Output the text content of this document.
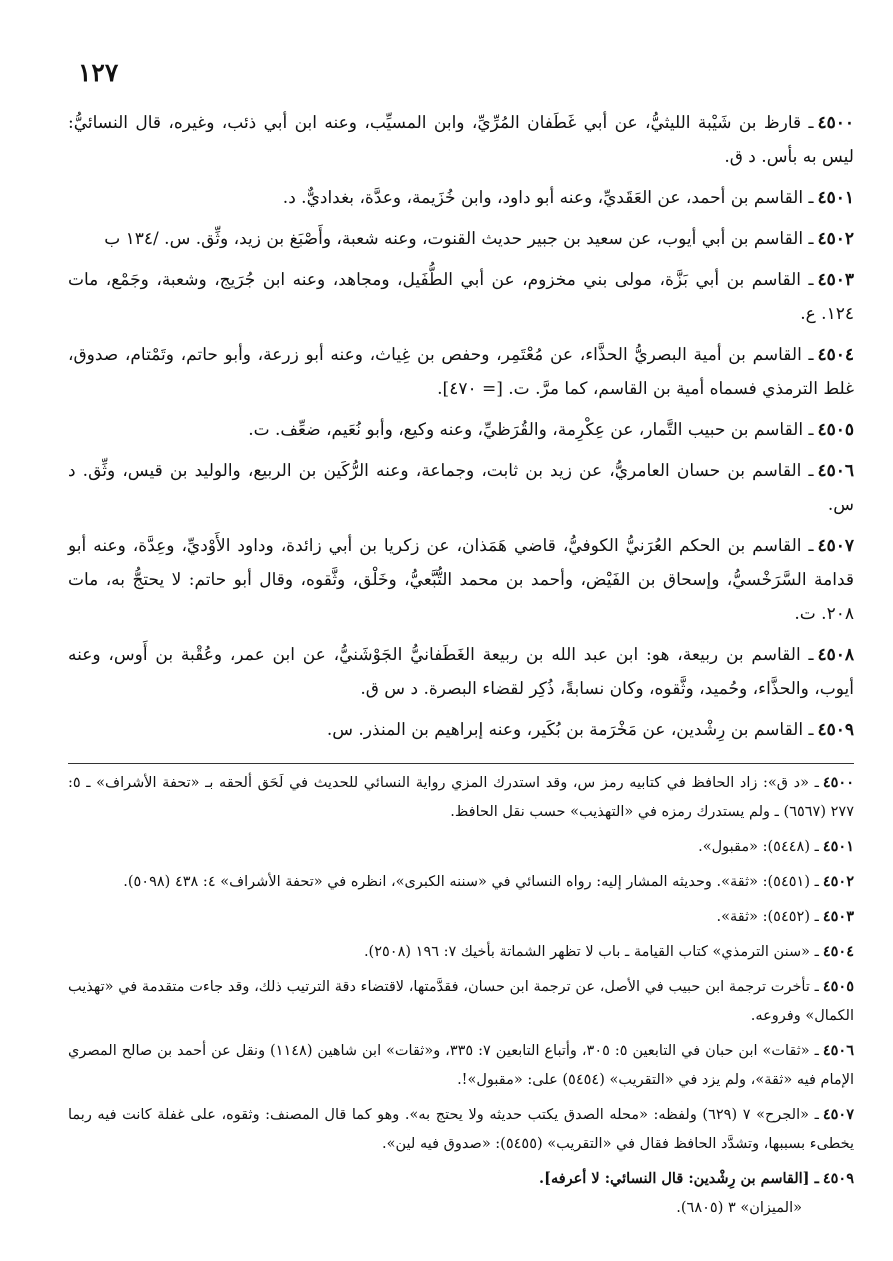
١٢٧

٤٥٠٠ـ قارظ بن شَيْبة الليثيُّ، عن أبي غَطَفان المُرِّيِّ، وابن المسيِّب، وعنه ابن أبي ذئب، وغيره، قال النسائيُّ: ليس به بأس. د ق.

٤٥٠١ـ القاسم بن أحمد، عن العَقَديِّ، وعنه أبو داود، وابن خُزَيمة، وعدَّة، بغداديٌّ. د.

٤٥٠٢ـ القاسم بن أبي أيوب، عن سعيد بن جبير حديث القنوت، وعنه شعبة، وأَصْبَغ بن زيد، وثِّق. س. /١٣٤ ب

٤٥٠٣ـ القاسم بن أبي بَزَّة، مولى بني مخزوم، عن أبي الطُّفَيل، ومجاهد، وعنه ابن جُرَيج، وشعبة، وجَمْع، مات ١٢٤. ع.

٤٥٠٤ـ القاسم بن أمية البصريُّ الحذَّاء، عن مُعْتَمِر، وحفص بن غِياث، وعنه أبو زرعة، وأبو حاتم، وتَمْتام، صدوق، غلط الترمذي فسماه أمية بن القاسم، كما مرَّ. ت. [= ٤٧٠].

٤٥٠٥ـ القاسم بن حبيب التَّمار، عن عِكْرِمة، والقُرَظيِّ، وعنه وكيع، وأبو نُعَيم، ضعِّف. ت.

٤٥٠٦ـ القاسم بن حسان العامريُّ، عن زيد بن ثابت، وجماعة، وعنه الرُّكَين بن الربيع، والوليد بن قيس، وثِّق. د س.

٤٥٠٧ـ القاسم بن الحكم العُرَنيُّ الكوفيُّ، قاضي هَمَذان، عن زكريا بن أبي زائدة، وداود الأَوْديِّ، وعِدَّة، وعنه أبو قدامة السَّرَخْسيُّ، وإسحاق بن الفَيْض، وأحمد بن محمد التُّبَّعيُّ، وخَلْق، وثَّقوه، وقال أبو حاتم: لا يحتجُّ به، مات ٢٠٨. ت.

٤٥٠٨ـ القاسم بن ربيعة، هو: ابن عبد الله بن ربيعة الغَطَفانيُّ الجَوْشَنيُّ، عن ابن عمر، وعُقْبة بن أَوس، وعنه أيوب، والحذَّاء، وحُميد، وثَّقوه، وكان نسابةً، ذُكِر لقضاء البصرة. د س ق.

٤٥٠٩ـ القاسم بن رِشْدين، عن مَخْرَمة بن بُكَير، وعنه إبراهيم بن المنذر. س.

٤٥٠٠ـ «د ق»: زاد الحافظ في كتابيه رمز س، وقد استدرك المزي رواية النسائي للحديث في لَحَق ألحقه بـ «تحفة الأشراف» ـ ٥: ٢٧٧ (٦٥٦٧) ـ ولم يستدرك رمزه في «التهذيب» حسب نقل الحافظ.

٤٥٠١ـ (٥٤٤٨): «مقبول».

٤٥٠٢ـ (٥٤٥١): «ثقة». وحديثه المشار إليه: رواه النسائي في «سننه الكبرى»، انظره في «تحفة الأشراف» ٤: ٤٣٨ (٥٠٩٨).

٤٥٠٣ـ (٥٤٥٢): «ثقة».

٤٥٠٤ـ «سنن الترمذي» كتاب القيامة ـ باب لا تظهر الشماتة بأخيك ٧: ١٩٦ (٢٥٠٨).

٤٥٠٥ـ تأخرت ترجمة ابن حبيب في الأصل، عن ترجمة ابن حسان، فقدَّمتها، لاقتضاء دقة الترتيب ذلك، وقد جاءت متقدمة في «تهذيب الكمال» وفروعه.

٤٥٠٦ـ «ثقات» ابن حبان في التابعين ٥: ٣٠٥، وأتباع التابعين ٧: ٣٣٥، و«ثقات» ابن شاهين (١١٤٨) ونقل عن أحمد بن صالح المصري الإمام فيه «ثقة»، ولم يزد في «التقريب» (٥٤٥٤) على: «مقبول»!.

٤٥٠٧ـ «الجرح» ٧ (٦٢٩) ولفظه: «محله الصدق يكتب حديثه ولا يحتج به». وهو كما قال المصنف: وثقوه، على غفلة كانت فيه ربما يخطىء بسببها، وتشدَّد الحافظ فقال في «التقريب» (٥٤٥٥): «صدوق فيه لين».

٤٥٠٩ـ [القاسم بن رِشْدين: قال النسائي: لا أعرفه].
«الميزان» ٣ (٦٨٠٥).
